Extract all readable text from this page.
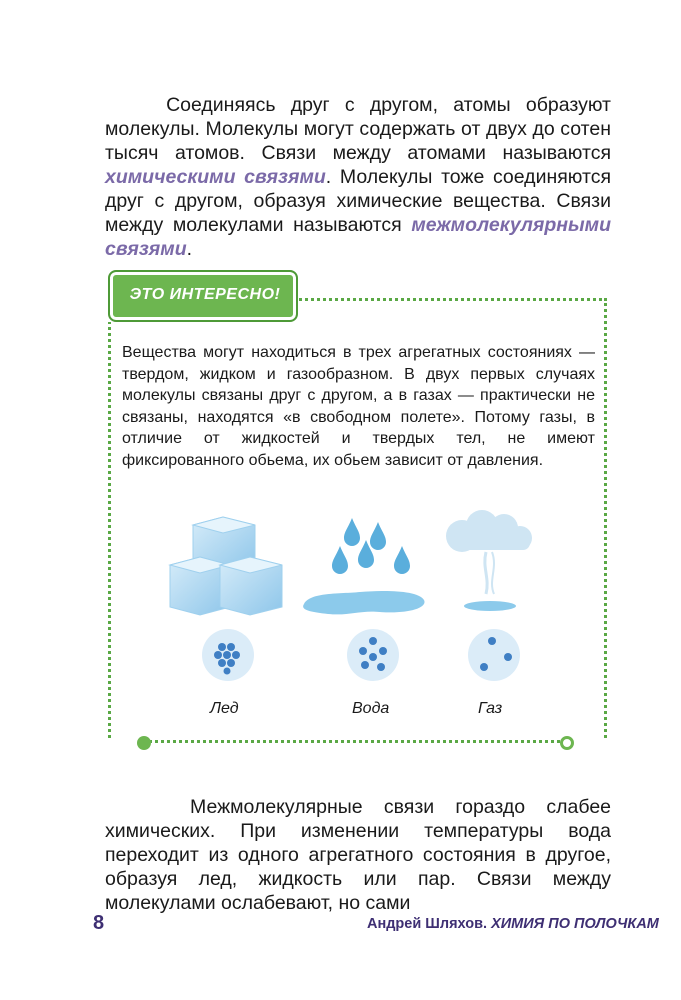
Соединяясь друг с другом, атомы образуют молекулы. Молекулы могут содержать от двух до сотен тысяч атомов. Связи между атомами называются химическими связями. Молекулы тоже соединяются друг с другом, образуя химические вещества. Связи между молекулами называются межмолекулярными связями.

ЭТО ИНТЕРЕСНО!

Вещества могут находиться в трех агрегатных состояниях — твердом, жидком и газообразном. В двух первых случаях молекулы связаны друг с другом, а в газах — практически не связаны, находятся «в свободном полете». Потому газы, в отличие от жидкостей и твердых тел, не имеют фиксированного обьема, их обьем зависит от давления.

Лед	Вода	Газ

Межмолекулярные связи гораздо слабее химических. При изменении температуры вода переходит из одного агрегатного состояния в другое, образуя лед, жидкость или пар. Связи между молекулами ослабевают, но сами

8	Андрей Шляхов. ХИМИЯ ПО ПОЛОЧКАМ
